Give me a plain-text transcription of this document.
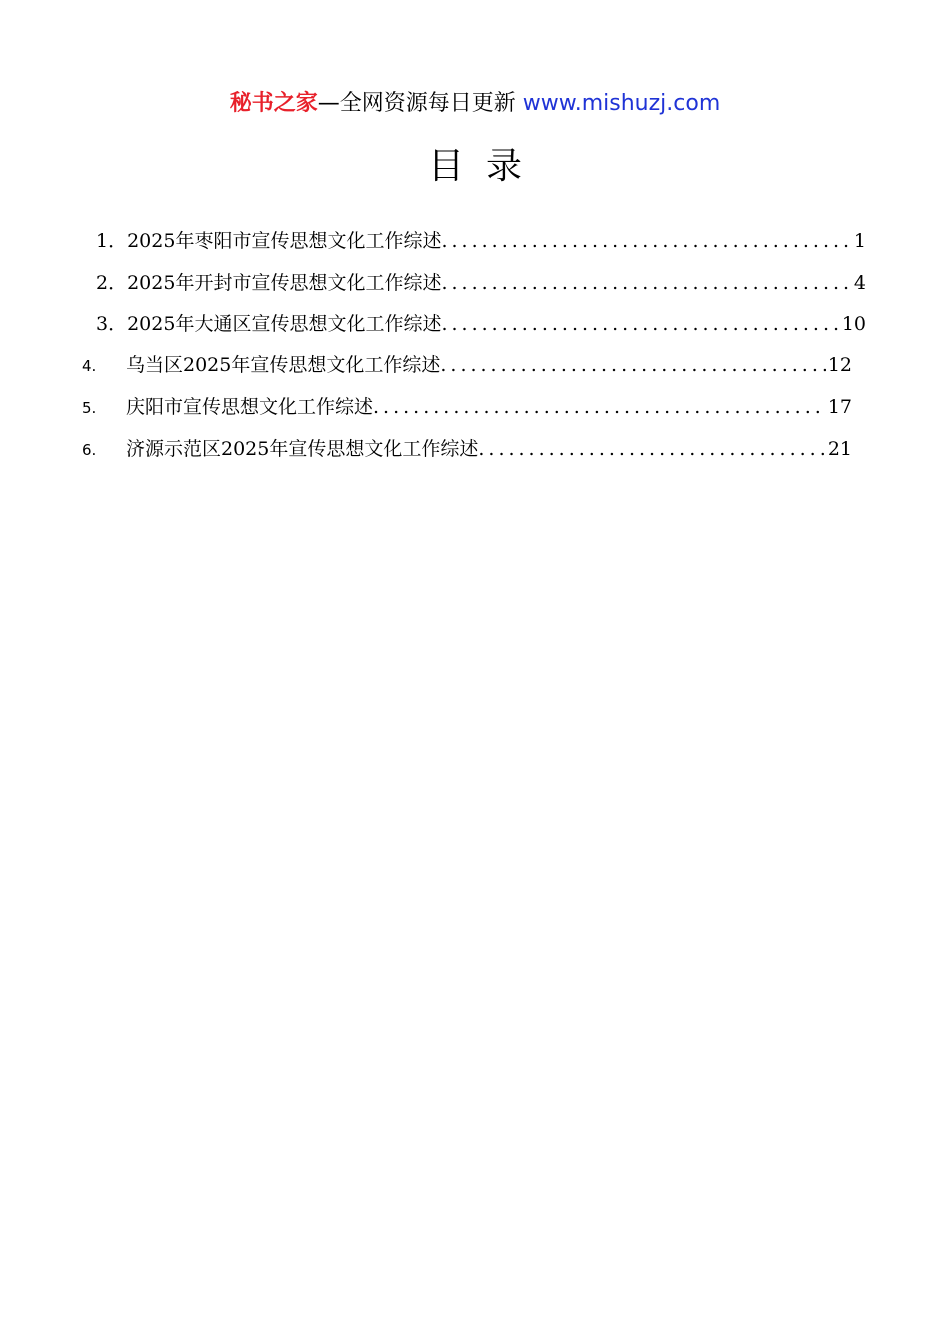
秘书之家—全网资源每日更新 www.mishuzj.com
目录
1． 2025年枣阳市宣传思想文化工作综述 .....	1
2． 2025年开封市宣传思想文化工作综述 .....	4
3． 2025年大通区宣传思想文化工作综述 .....	10
4.	乌当区2025年宣传思想文化工作综述 .....	12
5.	庆阳市宣传思想文化工作综述 .....	17
6.	济源示范区2025年宣传思想文化工作综述 .....	21
